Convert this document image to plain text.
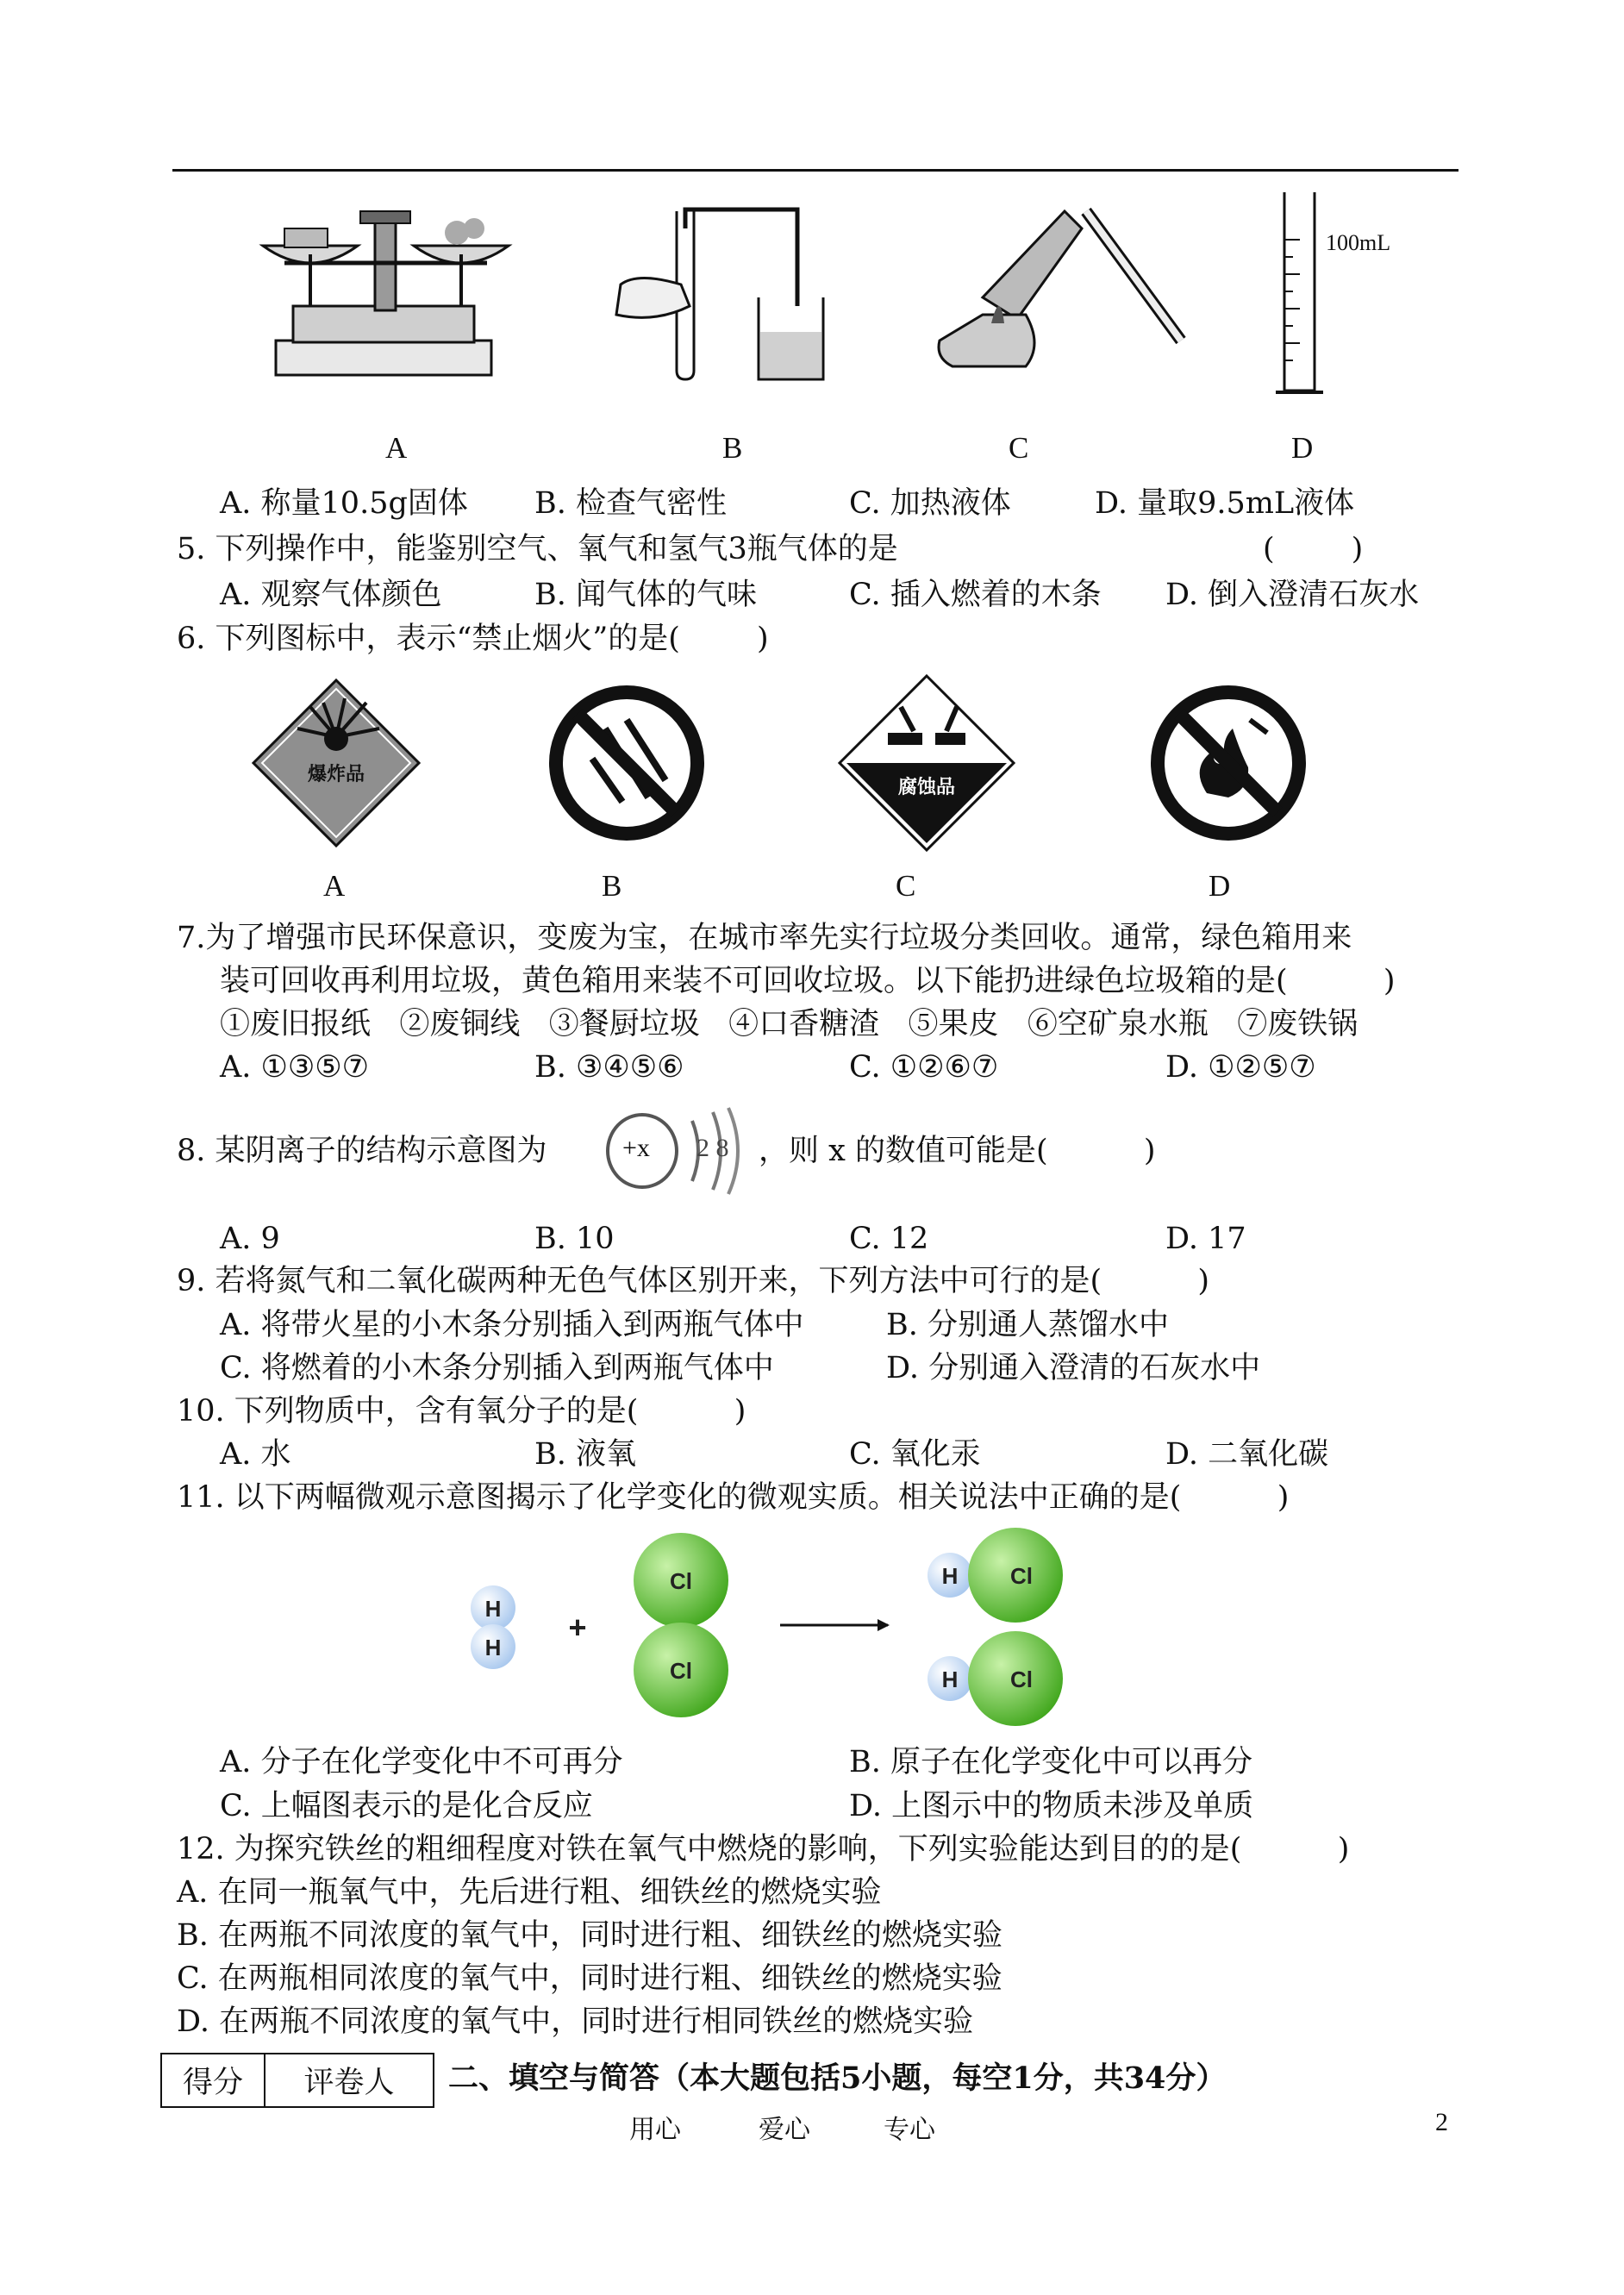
100mL
A	B	C	D
A. 称量10.5g固体 B. 检查气密性	C. 加热液体	D. 量取9.5mL液体
5. 下列操作中，能鉴别空气、氧气和氢气3瓶气体的是	(        )
A. 观察气体颜色	B. 闻气体的气味	C. 插入燃着的木条 D. 倒入澄清石灰水
6. 下列图标中，表示“禁止烟火”的是(        )
爆炸品
腐蚀品
A	B	C	D
7.为了增强市民环保意识，变废为宝，在城市率先实行垃圾分类回收。通常，绿色箱用来
装可回收再利用垃圾，黄色箱用来装不可回收垃圾。以下能扔进绿色垃圾箱的是(          )
①废旧报纸   ②废铜线   ③餐厨垃圾   ④口香糖渣   ⑤果皮   ⑥空矿泉水瓶   ⑦废铁锅
A. ①③⑤⑦	B. ③④⑤⑥	C. ①②⑥⑦	D. ①②⑤⑦
8. 某阴离子的结构示意图为	+x 2 8 ，则 x 的数值可能是(          )
A. 9	B. 10	C. 12	D. 17
9. 若将氮气和二氧化碳两种无色气体区别开来，下列方法中可行的是(          )
A. 将带火星的小木条分别插入到两瓶气体中	B. 分别通人蒸馏水中
C. 将燃着的小木条分别插入到两瓶气体中	D. 分别通入澄清的石灰水中
10. 下列物质中，含有氧分子的是(          )
A. 水	B. 液氧	C. 氧化汞	D. 二氧化碳
11. 以下两幅微观示意图揭示了化学变化的微观实质。相关说法中正确的是(          )
H
H
+
Cl
Cl
H Cl
H Cl
A. 分子在化学变化中不可再分	B. 原子在化学变化中可以再分
C. 上幅图表示的是化合反应	D. 上图示中的物质未涉及单质
12. 为探究铁丝的粗细程度对铁在氧气中燃烧的影响，下列实验能达到目的的是(          )
A. 在同一瓶氧气中，先后进行粗、细铁丝的燃烧实验
B. 在两瓶不同浓度的氧气中，同时进行粗、细铁丝的燃烧实验
C. 在两瓶相同浓度的氧气中，同时进行粗、细铁丝的燃烧实验
D. 在两瓶不同浓度的氧气中，同时进行相同铁丝的燃烧实验
得分	评卷人 二、填空与简答（本大题包括5小题，每空1分，共34分）
用心	爱心	专心	2
